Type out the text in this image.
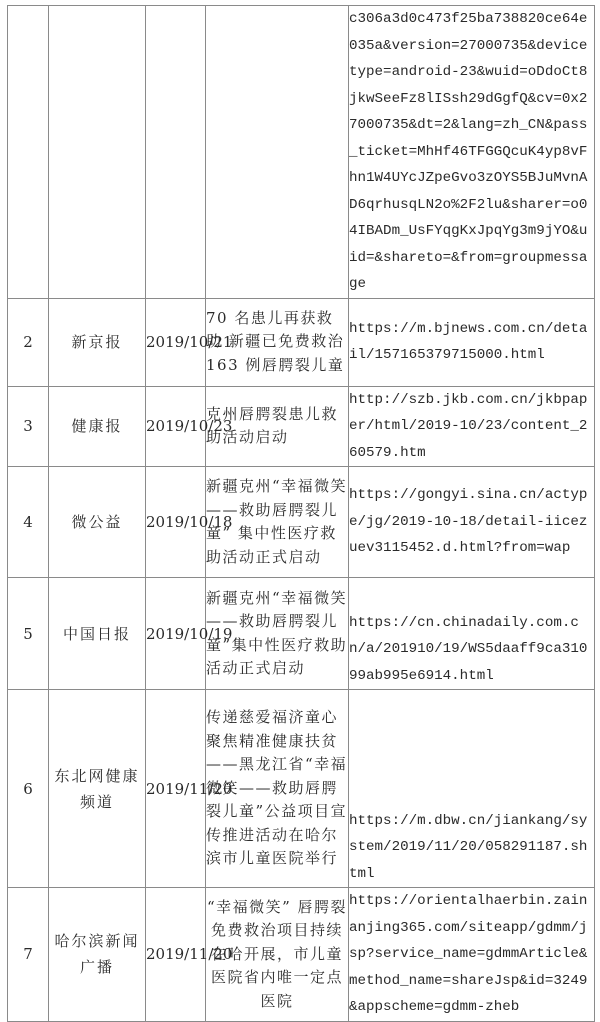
				c306a3d0c473f25ba738820ce64e035a&version=27000735&devicetype=android-23&wuid=oDdoCt8jkwSeeFz8lISsh29dGgfQ&cv=0x27000735&dt=2&lang=zh_CN&pass_ticket=MhHf46TFGGQcuK4yp8vFhn1W4UYcJZpeGvo3zOYS5BJuMvnAD6qrhusqLN2o%2F2lu&sharer=o04IBADm_UsFYqgKxJpqYg3m9jYO&uid=&shareto=&from=groupmessage
2	新京报	2019/10/21	70 名患儿再获救助 新疆已免费救治 163 例唇腭裂儿童	https://m.bjnews.com.cn/detail/157165379715000.html
3	健康报	2019/10/23	克州唇腭裂患儿救助活动启动	http://szb.jkb.com.cn/jkbpaper/html/2019-10/23/content_260579.htm
4	微公益	2019/10/18	新疆克州“幸福微笑——救助唇腭裂儿童” 集中性医疗救助活动正式启动	https://gongyi.sina.cn/actype/jg/2019-10-18/detail-iicezuev3115452.d.html?from=wap
5	中国日报	2019/10/19	新疆克州“幸福微笑——救助唇腭裂儿童”集中性医疗救助活动正式启动	https://cn.chinadaily.com.cn/a/201910/19/WS5daaff9ca31099ab995e6914.html
6	东北网健康频道	2019/11/20	传递慈爱福济童心 聚焦精准健康扶贫——黑龙江省“幸福微笑——救助唇腭裂儿童”公益项目宣传推进活动在哈尔滨市儿童医院举行	https://m.dbw.cn/jiankang/system/2019/11/20/058291187.shtml
7	哈尔滨新闻广播	2019/11/20	“幸福微笑” 唇腭裂免费救治项目持续在哈开展，市儿童医院省内唯一定点医院	https://orientalhaerbin.zainanjing365.com/siteapp/gdmm/jsp?service_name=gdmmArticle&method_name=shareJsp&id=3249&appscheme=gdmm-zheb
